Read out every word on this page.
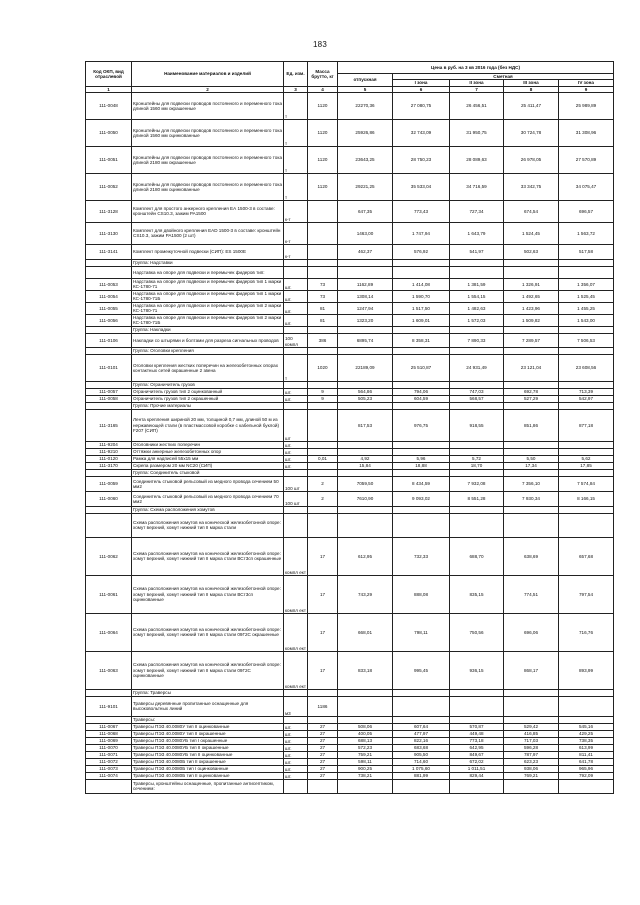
183
Код ОКП, вид отраслевой	Наименование материалов и изделий	Ед. изм.	Масса брутто, кг	Цена в руб. на 3 кв 2016 года (без НДС)				
				отпускная	Сметная			
					I зона	II зона	III зона	IV зона
1	2	3	4	5	6	7	8	9
111-0048	Кронштейны для подвески проводов постоянного и переменного тока длиной 1560 мм окрашенные	т	1120	22270,36	27 080,75	26 456,51	25 411,47	25 989,89
111-0050	Кронштейны для подвески проводов постоянного и переменного тока длиной 1560 мм оцинкованные	т	1120	25926,86	32 743,09	31 950,75	30 724,78	31 308,96
111-0051	Кронштейны для подвески проводов постоянного и переменного тока длиной 2180 мм окрашенные	т	1120	23643,25	28 750,23	28 089,63	26 978,05	27 570,89
111-0052	Кронштейны для подвески проводов постоянного и переменного тока длиной 2180 мм оцинкованные	т	1120	29221,25	35 533,04	34 716,59	33 342,75	34 075,47
111-3128	Комплект для простого анкерного крепления ЕА 1500-3 в составе: кронштейн CS10.3, зажим PA1500	к-т		647,35	773,43	727,34	674,54	696,57
111-3130	Комплект для двойного крепления EAD 1500-3 в составе: кронштейн CS10.3, зажим PA1500 (2 шт)	к-т		1463,00	1 747,94	1 643,79	1 524,45	1 563,72
111-3141	Комплект промежуточной подвески (СИП): ES 1500E	к-т		462,37	576,92	541,97	502,63	517,58
	Группа: Надставки							
	Надставка на опоре для подвески и перемычек фидеров тип:							
111-0053	Надставка на опоре для подвески и перемычек фидеров тип 1 марки КС-1780-71	шт.	73	1162,89	1 414,08	1 381,59	1 326,91	1 356,07
111-0054	Надставка на опоре для подвески и перемычек фидеров тип 1 марки КС-1780-71Б	шт.	73	1308,14	1 590,70	1 554,15	1 492,65	1 525,45
111-0055	Надставка на опоре для подвески и перемычек фидеров тип 2 марки КС-1780-71	шт.	81	1247,94	1 517,50	1 482,63	1 423,96	1 455,25
111-0056	Надставка на опоре для подвески и перемычек фидеров тип 2 марки КС-1780-71Б	шт.	81	1323,20	1 609,01	1 572,03	1 509,82	1 543,00
	Группа: Накладки							
111-0106	Накладки со штырями и болтами для разреза сигнальных проводов	100 компл	386	6895,74	8 358,31	7 890,33	7 289,57	7 506,53
	Группа: Оголовки крепления							
111-0101	Оголовки крепления жестких поперечин на железобетонных опорах контактных сетей окрашенные 2 звена	т	1020	22189,09	25 510,87	24 931,49	23 121,04	23 608,56
	Группа: Ограничитель грузов							
111-0057	Ограничитель грузов тип 2 оцинкованный	шт.	9	564,86	794,06	747,03	692,78	713,39
111-0058	Ограничитель грузов тип 2 окрашенный	шт.	9	505,23	604,59	568,57	527,29	542,97
	Группа: Прочие материалы							
111-3165	Лента крепления шириной 20 мм, толщиной 0,7 мм, длиной 50 м из нержавеющей стали (в пластмассовой коробке с кабельной буклой) F207 (СИП)	шт		817,53	976,75	918,55	851,86	877,18
111-9204	Оголовники жестких поперечин	шт.						
111-9210	Оттяжки анкерные железобетонных опор	шт.						
111-0120	Рамка для надписей 55х15 мм	шт.	0,01	4,92	5,96	5,72	5,50	5,62
111-3170	Скрепа размером 20 мм NC20 (СИП)	шт.		15,84	18,88	18,70	17,34	17,85
	Группа: Соединитель стыковой							
111-0059	Соединитель стыковой рельсовый из медного провода сечением 50 мм2	100 шт	2	7059,50	8 434,59	7 932,08	7 356,10	7 574,84
111-0060	Соединитель стыковой рельсовый из медного провода сечением 70 мм2	100 шт	2	7610,90	9 093,02	8 551,28	7 930,34	8 166,15
	Группа: Схема расположения хомутов							
	Схема расположения хомутов на конической железобетонной опоре: хомут верхний, хомут нижний тип II марка стали							
111-0062	Схема расположения хомутов на конической железобетонной опоре: хомут верхний, хомут нижний тип II марка стали ВСт3сп окрашенные	компл ект	17	612,95	732,33	688,70	638,69	657,68
111-0061	Схема расположения хомутов на конической железобетонной опоре: хомут верхний, хомут нижний тип II марка стали ВСт3сп оцинкованные	компл ект	17	743,29	888,08	835,15	774,51	797,54
111-0064	Схема расположения хомутов на конической железобетонной опоре: хомут верхний, хомут нижний тип II марка стали 09Г2С окрашенные	компл ект	17	668,01	798,11	750,56	696,06	716,76
111-0063	Схема расположения хомутов на конической железобетонной опоре: хомут верхний, хомут нижний тип II марка стали 09Г2С оцинкованные	компл ект	17	833,18	995,45	936,15	868,17	893,99
	Группа: Траверсы							
111-9101	Траверсы деревянные пропитанные оснащенные для высоковольтных линий	м3	1186					
	Траверсы:							
111-0067	Траверсы ПЭЗ 40.0080У тип II оцинкованные	шт.	27	508,06	607,64	570,87	529,42	545,16
111-0068	Траверсы ПЭЗ 40.0080У тип II окрашенные	шт.	27	400,05	477,97	449,48	416,85	429,25
111-0069	Траверсы ПЭЗ 40.0080УБ тип I окрашенные	шт.	27	688,13	822,16	773,18	717,03	738,35
111-0070	Траверсы ПЭЗ 40.0080УБ тип II окрашенные	шт.	27	572,23	683,68	642,95	596,28	613,99
111-0071	Траверсы ПЭЗ 40.0080УБ тип II оцинкованные	шт.	27	759,21	905,50	849,67	787,97	811,41
111-0072	Траверсы ПЭЗ 40.0080Б тип II окрашенные	шт.	27	598,11	714,60	672,02	623,23	641,78
111-0073	Траверсы ПЭЗ 40.0080Б тип I оцинкованные	шт.	27	900,25	1 075,60	1 011,51	938,06	965,96
111-0074	Траверсы ПЭЗ 40.0080Б тип II оцинкованные	шт.	27	738,21	881,99	829,44	769,21	792,09
	Траверсы, кронштейны оснащенные, пропитанные антисептиком, сечением:							
